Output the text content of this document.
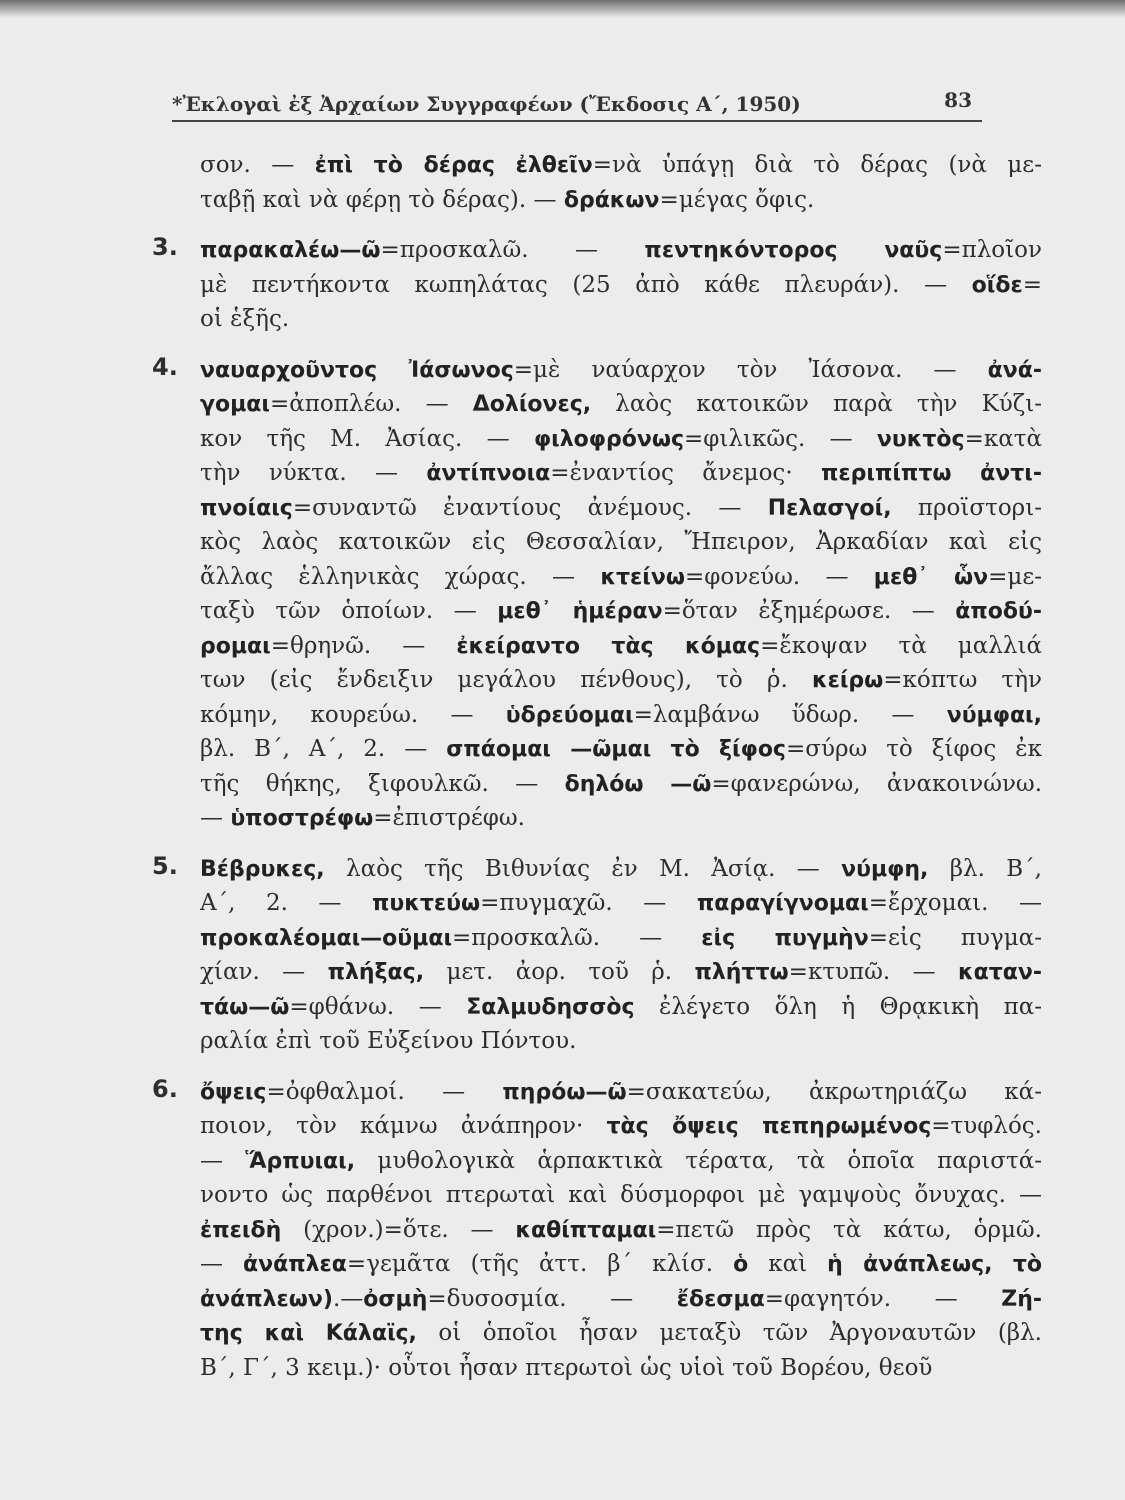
*Ἐκλογαὶ ἐξ Ἀρχαίων Συγγραφέων (Ἔκδοσις Α΄, 1950)	83
σον. — ἐπὶ τὸ δέρας ἐλθεῖν=νὰ ὑπάγῃ διὰ τὸ δέρας (νὰ με-
ταβῇ καὶ νὰ φέρῃ τὸ δέρας). — δράκων=μέγας ὄφις.
3. παρακαλέω—ῶ=προσκαλῶ. — πεντηκόντορος ναῦς=πλοῖον
μὲ πεντήκοντα κωπηλάτας (25 ἀπὸ κάθε πλευράν). — οἵδε=
οἱ ἑξῆς.
4. ναυαρχοῦντος Ἰάσωνος=μὲ ναύαρχον τὸν Ἰάσονα. — ἀνά-
γομαι=ἀποπλέω. — Δολίονες, λαὸς κατοικῶν παρὰ τὴν Κύζι-
κον τῆς Μ. Ἀσίας. — φιλοφρόνως=φιλικῶς. — νυκτὸς=κατὰ
τὴν νύκτα. — ἀντίπνοια=ἐναντίος ἄνεμος· περιπίπτω ἀντι-
πνοίαις=συναντῶ ἐναντίους ἀνέμους. — Πελασγοί, προϊστορι-
κὸς λαὸς κατοικῶν εἰς Θεσσαλίαν, Ἤπειρον, Ἀρκαδίαν καὶ εἰς
ἄλλας ἑλληνικὰς χώρας. — κτείνω=φονεύω. — μεθ᾽ ὧν=με-
ταξὺ τῶν ὁποίων. — μεθ᾽ ἡμέραν=ὅταν ἐξημέρωσε. — ἀποδύ-
ρομαι=θρηνῶ. — ἐκείραντο τὰς κόμας=ἔκοψαν τὰ μαλλιά
των (εἰς ἔνδειξιν μεγάλου πένθους), τὸ ῥ. κείρω=κόπτω τὴν
κόμην, κουρεύω. — ὑδρεύομαι=λαμβάνω ὕδωρ. — νύμφαι,
βλ. Β΄, Α΄, 2. — σπάομαι —ῶμαι τὸ ξίφος=σύρω τὸ ξίφος ἐκ
τῆς θήκης, ξιφουλκῶ. — δηλόω —ῶ=φανερώνω, ἀνακοινώνω.
— ὑποστρέφω=ἐπιστρέφω.
5. Βέβρυκες, λαὸς τῆς Βιθυνίας ἐν Μ. Ἀσίᾳ. — νύμφη, βλ. Β΄,
Α΄, 2. — πυκτεύω=πυγμαχῶ. — παραγίγνομαι=ἔρχομαι. —
προκαλέομαι—οῦμαι=προσκαλῶ. — εἰς πυγμὴν=εἰς πυγμα-
χίαν. — πλήξας, μετ. ἀορ. τοῦ ῥ. πλήττω=κτυπῶ. — καταν-
τάω—ῶ=φθάνω. — Σαλμυδησσὸς ἐλέγετο ὅλη ἡ Θρᾳκικὴ πα-
ραλία ἐπὶ τοῦ Εὐξείνου Πόντου.
6. ὄψεις=ὀφθαλμοί. — πηρόω—ῶ=σακατεύω, ἀκρωτηριάζω κά-
ποιον, τὸν κάμνω ἀνάπηρον· τὰς ὄψεις πεπηρωμένος=τυφλός.
— Ἅρπυιαι, μυθολογικὰ ἁρπακτικὰ τέρατα, τὰ ὁποῖα παριστά-
νοντο ὡς παρθένοι πτερωταὶ καὶ δύσμορφοι μὲ γαμψοὺς ὄνυχας. —
ἐπειδὴ (χρον.)=ὅτε. — καθίπταμαι=πετῶ πρὸς τὰ κάτω, ὁρμῶ.
— ἀνάπλεα=γεμᾶτα (τῆς ἀττ. β΄ κλίσ. ὁ καὶ ἡ ἀνάπλεως, τὸ
ἀνάπλεων).—ὀσμὴ=δυσοσμία. — ἔδεσμα=φαγητόν. — Ζή-
της καὶ Κάλαϊς, οἱ ὁποῖοι ἦσαν μεταξὺ τῶν Ἀργοναυτῶν (βλ.
Β΄, Γ΄, 3 κειμ.)· οὗτοι ἦσαν πτερωτοὶ ὡς υἱοὶ τοῦ Βορέου, θεοῦ
